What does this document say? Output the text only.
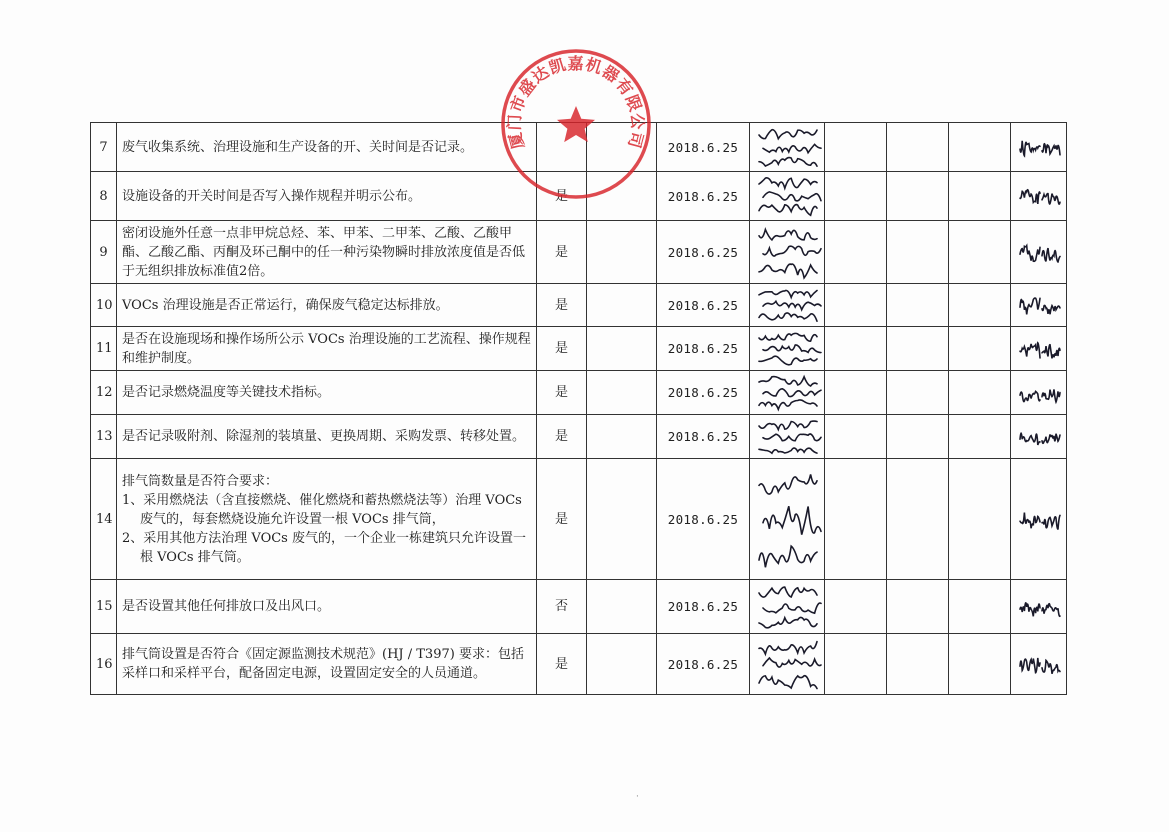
7	废气收集系统、治理设施和生产设备的开、关时间是否记录。			2018.6.25	

8	设施设备的开关时间是否写入操作规程并明示公布。	是		2018.6.25	

9	密闭设施外任意一点非甲烷总烃、苯、甲苯、二甲苯、乙酸、乙酸甲酯、乙酸乙酯、丙酮及环己酮中的任一种污染物瞬时排放浓度值是否低于无组织排放标准值2倍。	是		2018.6.25	

10	VOCs 治理设施是否正常运行，确保废气稳定达标排放。	是		2018.6.25	

11	是否在设施现场和操作场所公示 VOCs 治理设施的工艺流程、操作规程和维护制度。	是		2018.6.25	

12	是否记录燃烧温度等关键技术指标。	是		2018.6.25	

13	是否记录吸附剂、除湿剂的装填量、更换周期、采购发票、转移处置。	是		2018.6.25	

14	排气筒数量是否符合要求：
1、采用燃烧法（含直接燃烧、催化燃烧和蓄热燃烧法等）治理 VOCs 废气的，每套燃烧设施允许设置一根 VOCs 排气筒，
2、采用其他方法治理 VOCs 废气的，一个企业一栋建筑只允许设置一根 VOCs 排气筒。	是		2018.6.25	

15	是否设置其他任何排放口及出风口。	否		2018.6.25	

16	排气筒设置是否符合《固定源监测技术规范》(HJ / T397) 要求：包括采样口和采样平台，配备固定电源，设置固定安全的人员通道。	是		2018.6.25	

厦门市盛达凯嘉机器有限公司
·
